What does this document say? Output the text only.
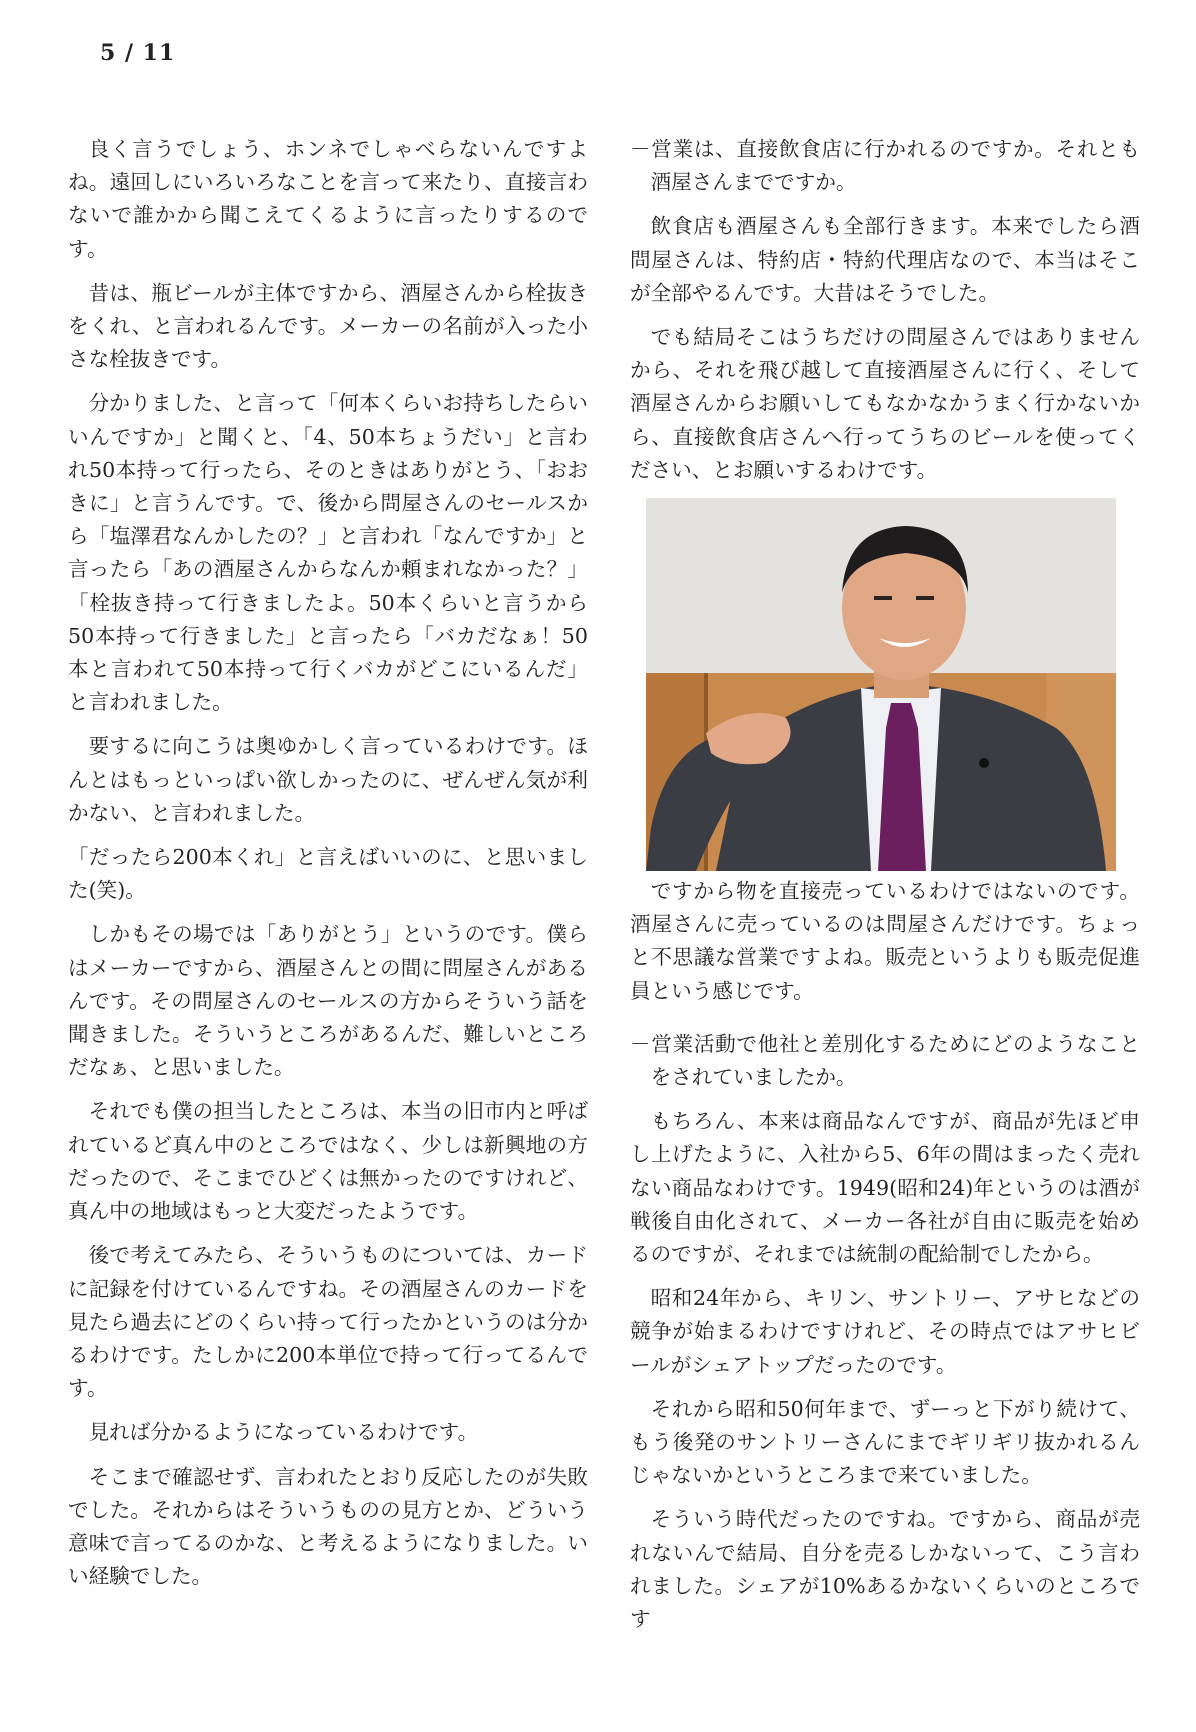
5 / 11

良く言うでしょう、ホンネでしゃべらないんですよね。遠回しにいろいろなことを言って来たり、直接言わないで誰かから聞こえてくるように言ったりするのです。

昔は、瓶ビールが主体ですから、酒屋さんから栓抜きをくれ、と言われるんです。メーカーの名前が入った小さな栓抜きです。

分かりました、と言って「何本くらいお持ちしたらいいんですか」と聞くと、「4、50本ちょうだい」と言われ50本持って行ったら、そのときはありがとう、「おおきに」と言うんです。で、後から問屋さんのセールスから「塩澤君なんかしたの？」と言われ「なんですか」と言ったら「あの酒屋さんからなんか頼まれなかった？」「栓抜き持って行きましたよ。50本くらいと言うから50本持って行きました」と言ったら「バカだなぁ！50本と言われて50本持って行くバカがどこにいるんだ」と言われました。

要するに向こうは奥ゆかしく言っているわけです。ほんとはもっといっぱい欲しかったのに、ぜんぜん気が利かない、と言われました。

「だったら200本くれ」と言えばいいのに、と思いました(笑)。

しかもその場では「ありがとう」というのです。僕らはメーカーですから、酒屋さんとの間に問屋さんがあるんです。その問屋さんのセールスの方からそういう話を聞きました。そういうところがあるんだ、難しいところだなぁ、と思いました。

それでも僕の担当したところは、本当の旧市内と呼ばれているど真ん中のところではなく、少しは新興地の方だったので、そこまでひどくは無かったのですけれど、真ん中の地域はもっと大変だったようです。

後で考えてみたら、そういうものについては、カードに記録を付けているんですね。その酒屋さんのカードを見たら過去にどのくらい持って行ったかというのは分かるわけです。たしかに200本単位で持って行ってるんです。

見れば分かるようになっているわけです。

そこまで確認せず、言われたとおり反応したのが失敗でした。それからはそういうものの見方とか、どういう意味で言ってるのかな、と考えるようになりました。いい経験でした。

－営業は、直接飲食店に行かれるのですか。それとも酒屋さんまでですか。

飲食店も酒屋さんも全部行きます。本来でしたら酒問屋さんは、特約店・特約代理店なので、本当はそこが全部やるんです。大昔はそうでした。

でも結局そこはうちだけの問屋さんではありませんから、それを飛び越して直接酒屋さんに行く、そして酒屋さんからお願いしてもなかなかうまく行かないから、直接飲食店さんへ行ってうちのビールを使ってください、とお願いするわけです。

ですから物を直接売っているわけではないのです。酒屋さんに売っているのは問屋さんだけです。ちょっと不思議な営業ですよね。販売というよりも販売促進員という感じです。

－営業活動で他社と差別化するためにどのようなことをされていましたか。

もちろん、本来は商品なんですが、商品が先ほど申し上げたように、入社から5、6年の間はまったく売れない商品なわけです。1949(昭和24)年というのは酒が戦後自由化されて、メーカー各社が自由に販売を始めるのですが、それまでは統制の配給制でしたから。

昭和24年から、キリン、サントリー、アサヒなどの競争が始まるわけですけれど、その時点ではアサヒビールがシェアトップだったのです。

それから昭和50何年まで、ずーっと下がり続けて、もう後発のサントリーさんにまでギリギリ抜かれるんじゃないかというところまで来ていました。

そういう時代だったのですね。ですから、商品が売れないんで結局、自分を売るしかないって、こう言われました。シェアが10%あるかないくらいのところです
